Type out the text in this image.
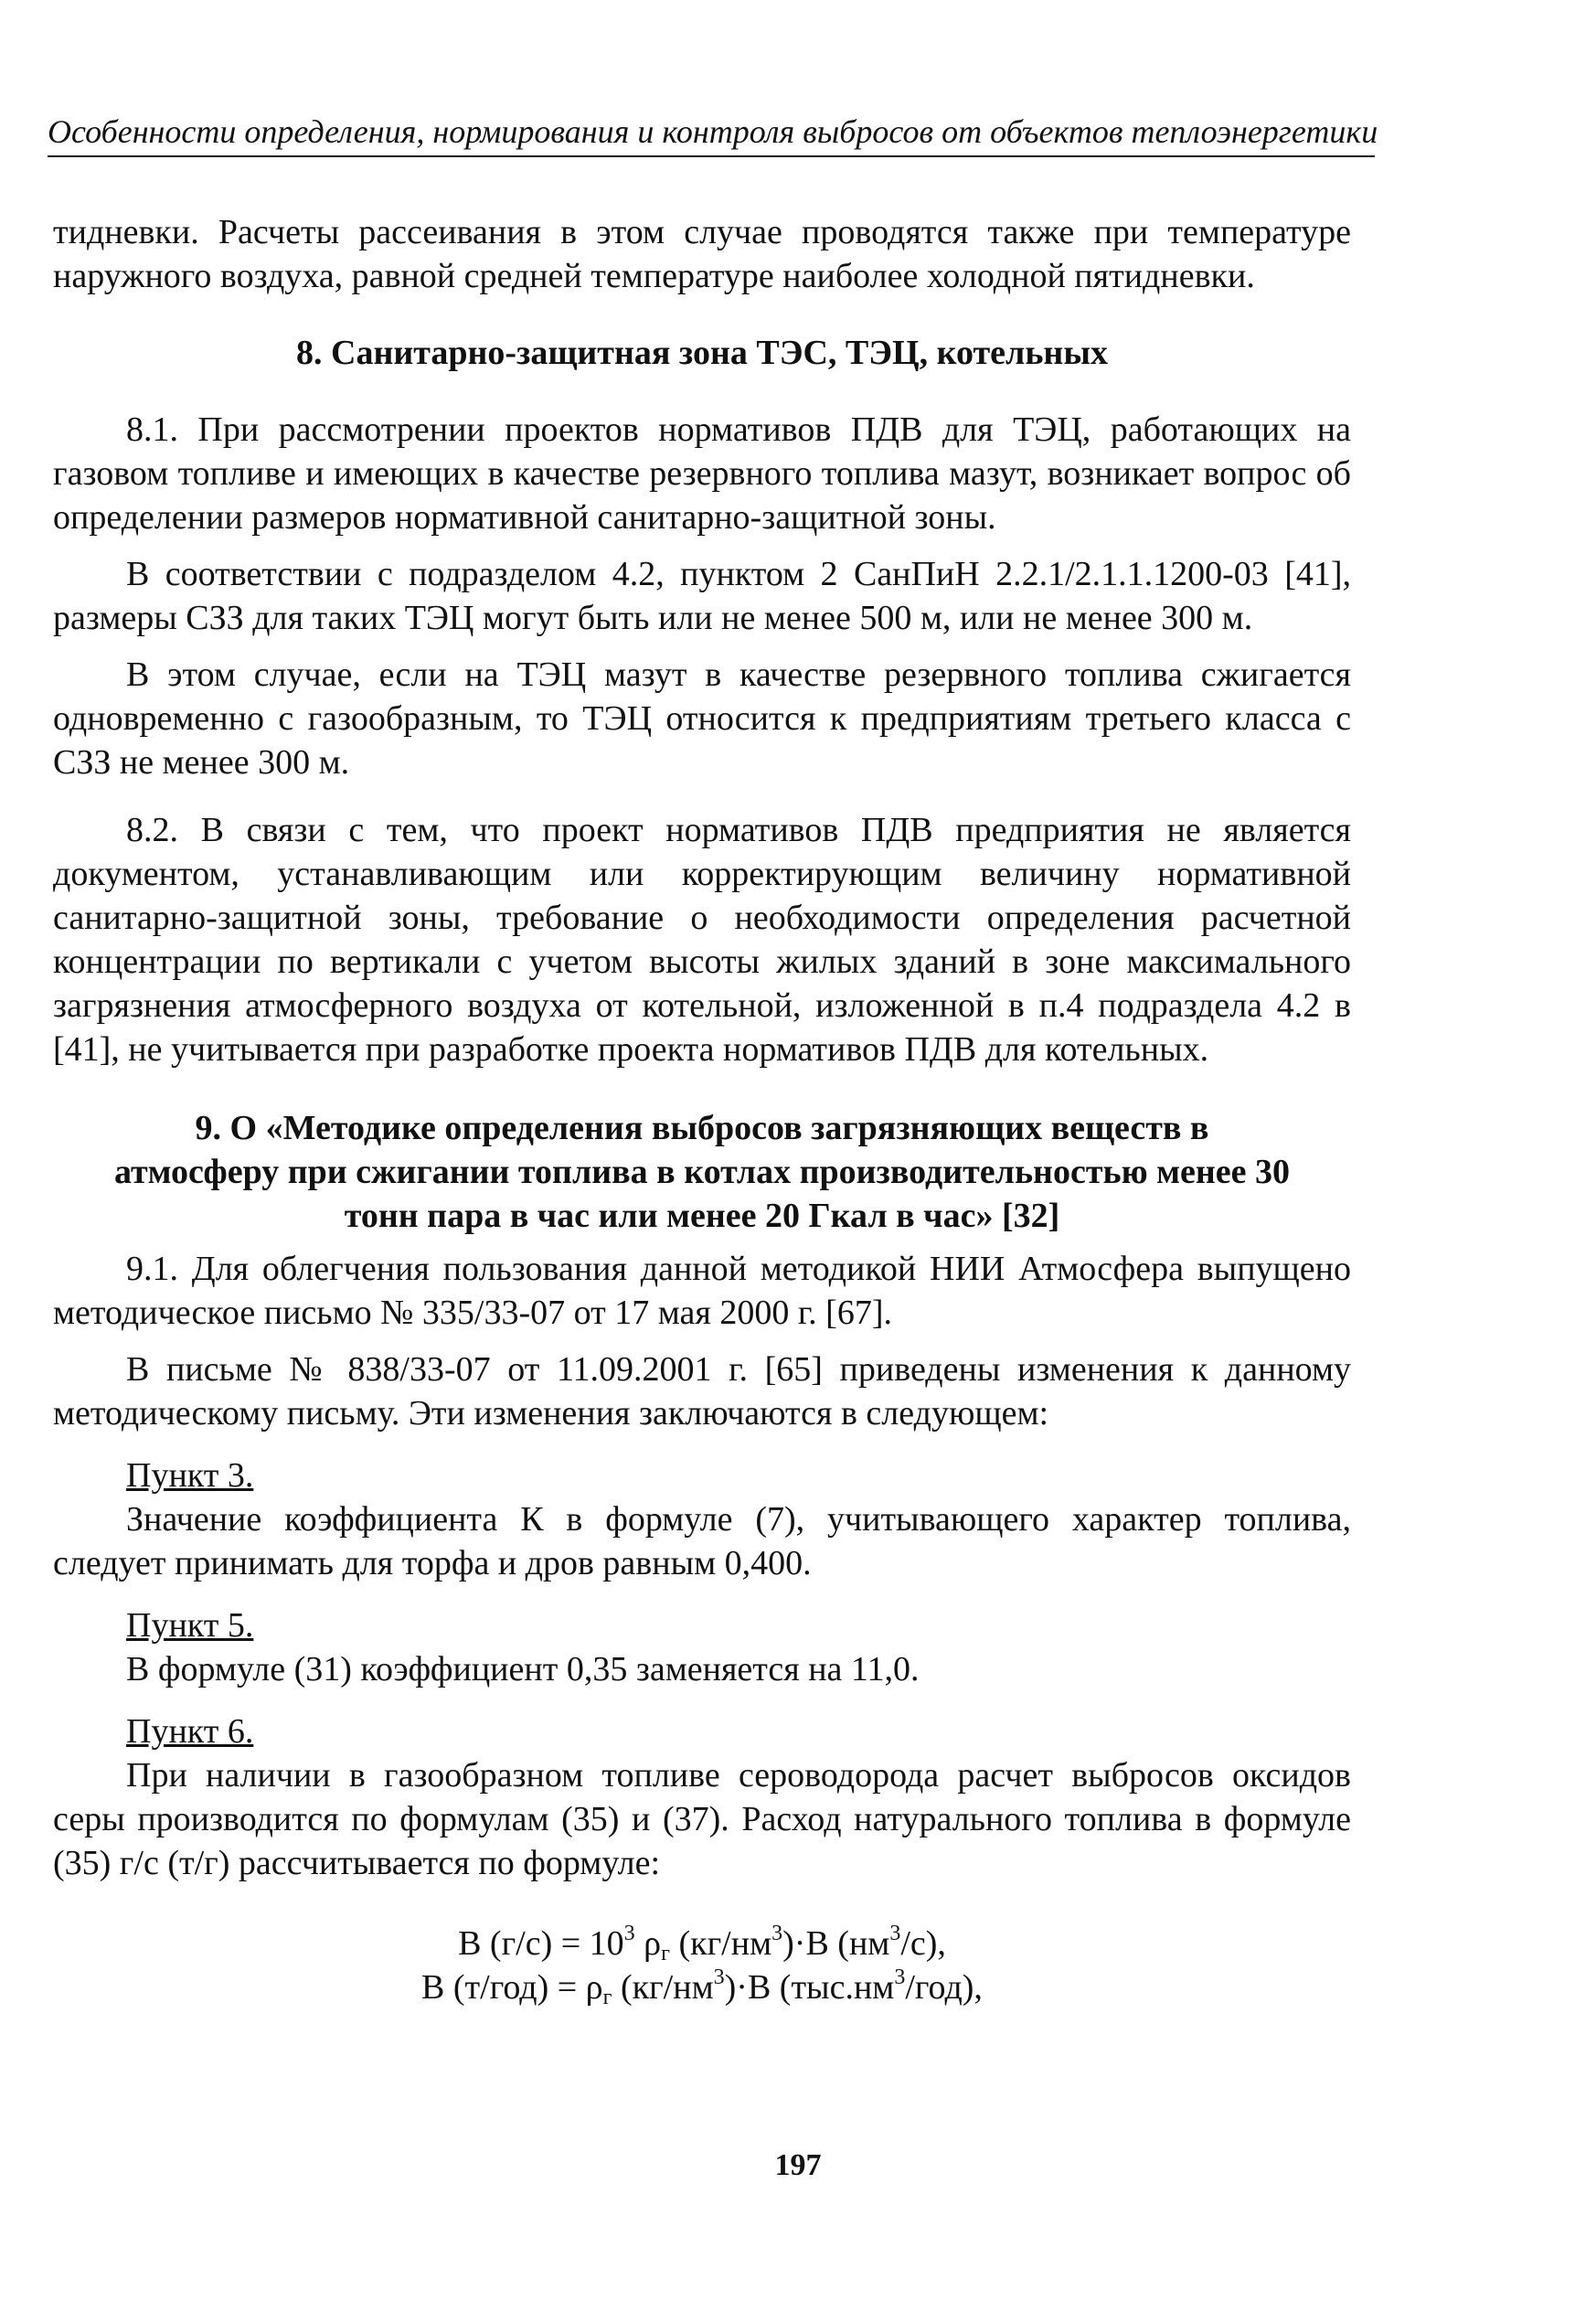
Особенности определения, нормирования и контроля выбросов от объектов теплоэнергетики

тидневки. Расчеты рассеивания в этом случае проводятся также при температуре наружного воздуха, равной средней температуре наиболее холодной пятидневки.

8. Санитарно-защитная зона ТЭС, ТЭЦ, котельных

8.1. При рассмотрении проектов нормативов ПДВ для ТЭЦ, работающих на газовом топливе и имеющих в качестве резервного топлива мазут, возникает вопрос об определении размеров нормативной санитарно-защитной зоны.

В соответствии с подразделом 4.2, пунктом 2 СанПиН 2.2.1/2.1.1.1200-03 [41], размеры СЗЗ для таких ТЭЦ могут быть или не менее 500 м, или не менее 300 м.

В этом случае, если на ТЭЦ мазут в качестве резервного топлива сжигается одновременно с газообразным, то ТЭЦ относится к предприятиям третьего класса с СЗЗ не менее 300 м.

8.2. В связи с тем, что проект нормативов ПДВ предприятия не является документом, устанавливающим или корректирующим величину нормативной санитарно-защитной зоны, требование о необходимости определения расчетной концентрации по вертикали с учетом высоты жилых зданий в зоне максимального загрязнения атмосферного воздуха от котельной, изложенной в п.4 подраздела 4.2 в [41], не учитывается при разработке проекта нормативов ПДВ для котельных.

9. О «Методике определения выбросов загрязняющих веществ в
атмосферу при сжигании топлива в котлах производительностью менее 30
тонн пара в час или менее 20 Гкал в час» [32]

9.1. Для облегчения пользования данной методикой НИИ Атмосфера выпущено методическое письмо № 335/33-07 от 17 мая 2000 г. [67].

В письме № 838/33-07 от 11.09.2001 г. [65] приведены изменения к данному методическому письму. Эти изменения заключаются в следующем:

Пункт 3.

Значение коэффициента К в формуле (7), учитывающего характер топлива, следует принимать для торфа и дров равным 0,400.

Пункт 5.

В формуле (31) коэффициент 0,35 заменяется на 11,0.

Пункт 6.

При наличии в газообразном топливе сероводорода расчет выбросов оксидов серы производится по формулам (35) и (37). Расход натурального топлива в формуле (35) г/с (т/г) рассчитывается по формуле:

B $(г/с) = 10^3$ $\rho_г$ $(кг/нм^3)\cdot B$ $(нм^3/с)$,
B $(т/год) = \rho_г$ $(кг/нм^3)\cdot B$ $(тыс.нм^3/год)$,
197
